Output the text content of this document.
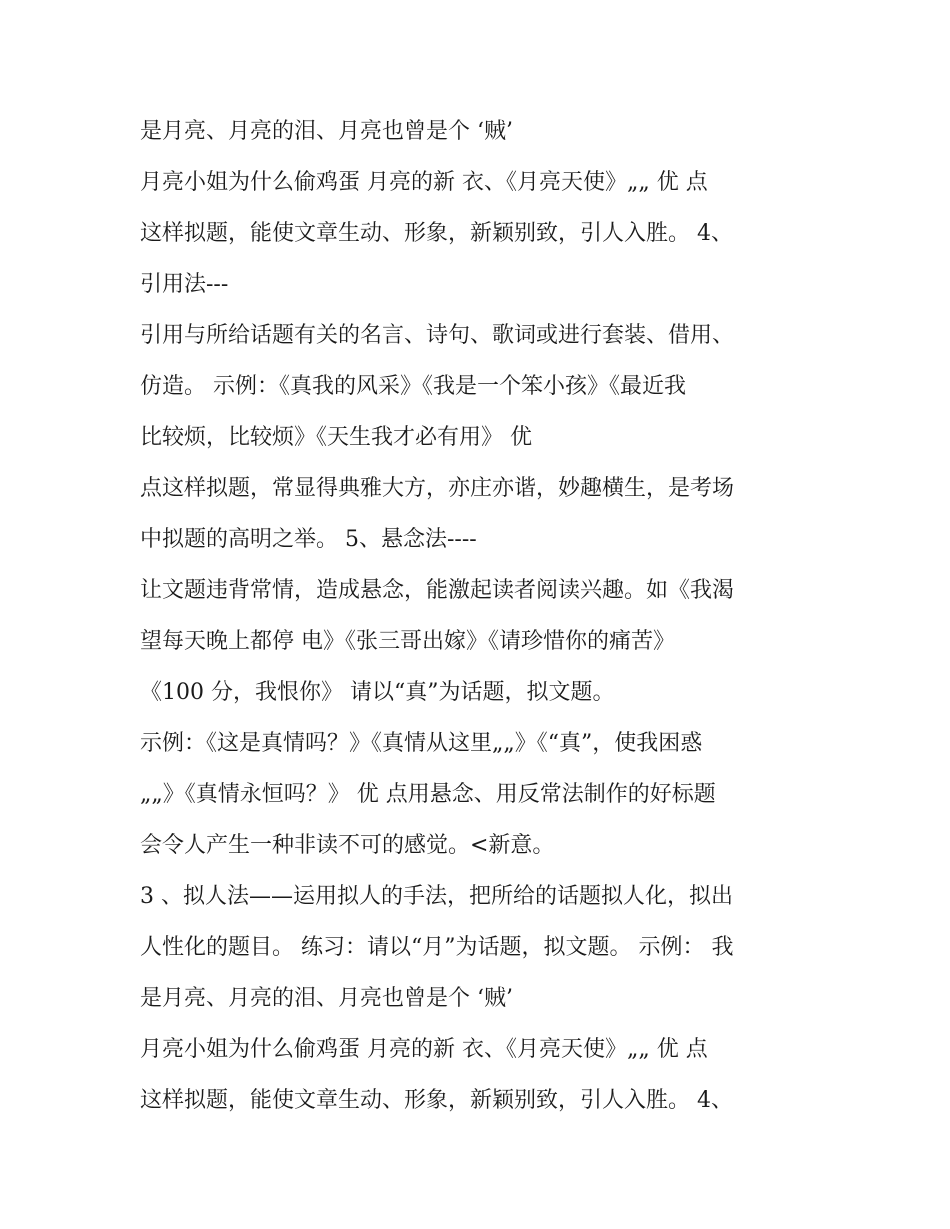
是月亮、月亮的泪、月亮也曾是个 ‘贼’
月亮小姐为什么偷鸡蛋 月亮的新 衣、《月亮天使》„„ 优 点
这样拟题，能使文章生动、形象，新颖别致，引人入胜。 4、
引用法---
引用与所给话题有关的名言、诗句、歌词或进行套装、借用、
仿造。 示例：《真我的风采》《我是一个笨小孩》《最近我
比较烦，比较烦》《天生我才必有用》 优
点这样拟题，常显得典雅大方，亦庄亦谐，妙趣横生，是考场
中拟题的高明之举。 5、悬念法----
让文题违背常情，造成悬念，能激起读者阅读兴趣。如《我渴
望每天晚上都停 电》《张三哥出嫁》《请珍惜你的痛苦》
《100 分，我恨你》 请以“真”为话题，拟文题。
示例：《这是真情吗？》《真情从这里„„》《“真”，使我困惑
„„》《真情永恒吗？》 优 点用悬念、用反常法制作的好标题
会令人产生一种非读不可的感觉。<新意。
3 、拟人法——运用拟人的手法，把所给的话题拟人化，拟出
人性化的题目。 练习：请以“月”为话题，拟文题。 示例： 我
是月亮、月亮的泪、月亮也曾是个 ‘贼’
月亮小姐为什么偷鸡蛋 月亮的新 衣、《月亮天使》„„ 优 点
这样拟题，能使文章生动、形象，新颖别致，引人入胜。 4、
